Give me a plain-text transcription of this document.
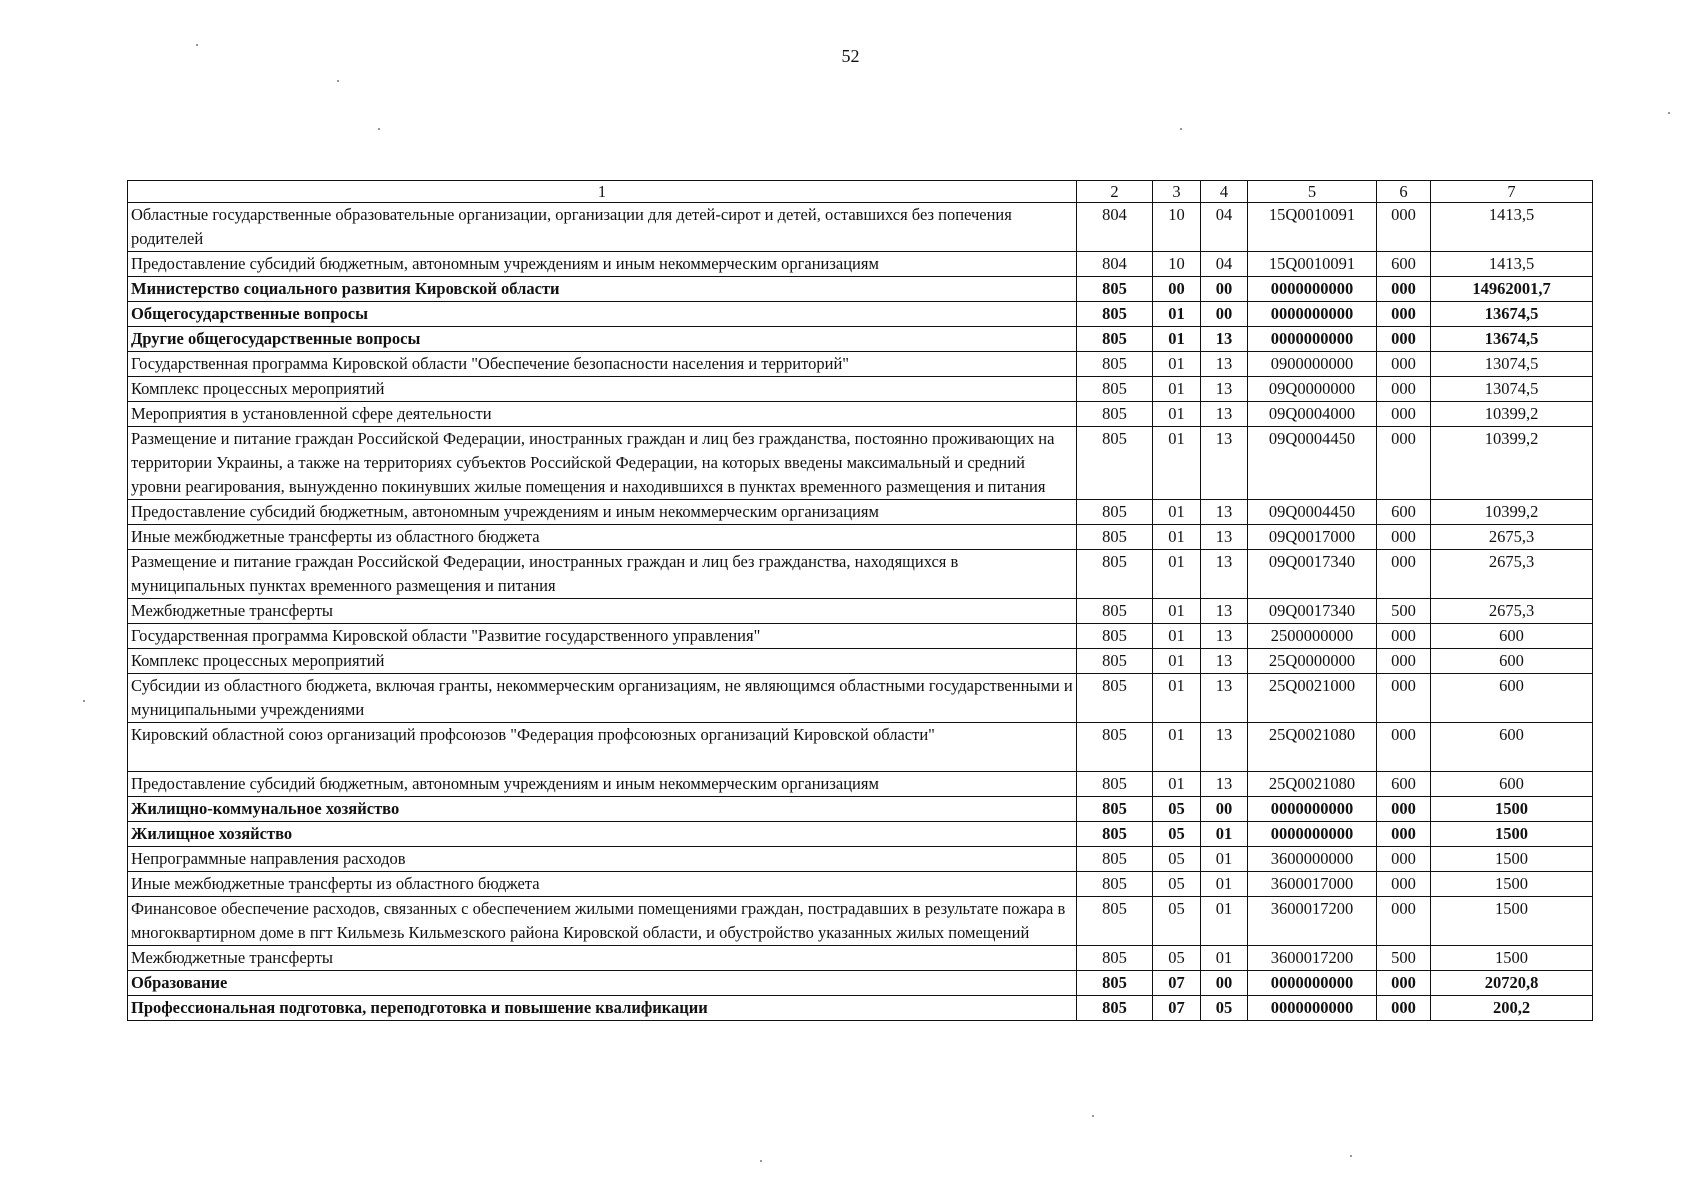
52
1	2	3	4	5	6	7
Областные государственные образовательные организации, организации для детей-сирот и детей, оставшихся без попечения родителей	804	10	04	15Q0010091	000	1413,5
Предоставление субсидий бюджетным, автономным учреждениям и иным некоммерческим организациям	804	10	04	15Q0010091	600	1413,5
Министерство социального развития Кировской области	805	00	00	0000000000	000	14962001,7
Общегосударственные вопросы	805	01	00	0000000000	000	13674,5
Другие общегосударственные вопросы	805	01	13	0000000000	000	13674,5
Государственная программа Кировской области "Обеспечение безопасности населения и территорий"	805	01	13	0900000000	000	13074,5
Комплекс процессных мероприятий	805	01	13	09Q0000000	000	13074,5
Мероприятия в установленной сфере деятельности	805	01	13	09Q0004000	000	10399,2
Размещение и питание граждан Российской Федерации, иностранных граждан и лиц без гражданства, постоянно проживающих на территории Украины, а также на территориях субъектов Российской Федерации, на которых введены максимальный и средний уровни реагирования, вынужденно покинувших жилые помещения и находившихся в пунктах временного размещения и питания	805	01	13	09Q0004450	000	10399,2
Предоставление субсидий бюджетным, автономным учреждениям и иным некоммерческим организациям	805	01	13	09Q0004450	600	10399,2
Иные межбюджетные трансферты из областного бюджета	805	01	13	09Q0017000	000	2675,3
Размещение и питание граждан Российской Федерации, иностранных граждан и лиц без гражданства, находящихся в муниципальных пунктах временного размещения и питания	805	01	13	09Q0017340	000	2675,3
Межбюджетные трансферты	805	01	13	09Q0017340	500	2675,3
Государственная программа Кировской области "Развитие государственного управления"	805	01	13	2500000000	000	600
Комплекс процессных мероприятий	805	01	13	25Q0000000	000	600
Субсидии из областного бюджета, включая гранты, некоммерческим организациям, не являющимся областными государственными и муниципальными учреждениями	805	01	13	25Q0021000	000	600
Кировский областной союз организаций профсоюзов "Федерация профсоюзных организаций Кировской области"	805	01	13	25Q0021080	000	600
Предоставление субсидий бюджетным, автономным учреждениям и иным некоммерческим организациям	805	01	13	25Q0021080	600	600
Жилищно-коммунальное хозяйство	805	05	00	0000000000	000	1500
Жилищное хозяйство	805	05	01	0000000000	000	1500
Непрограммные направления расходов	805	05	01	3600000000	000	1500
Иные межбюджетные трансферты из областного бюджета	805	05	01	3600017000	000	1500
Финансовое обеспечение расходов, связанных с обеспечением жилыми помещениями граждан, пострадавших в результате пожара в многоквартирном доме в пгт Кильмезь Кильмезского района Кировской области, и обустройство указанных жилых помещений	805	05	01	3600017200	000	1500
Межбюджетные трансферты	805	05	01	3600017200	500	1500
Образование	805	07	00	0000000000	000	20720,8
Профессиональная подготовка, переподготовка и повышение квалификации	805	07	05	0000000000	000	200,2
